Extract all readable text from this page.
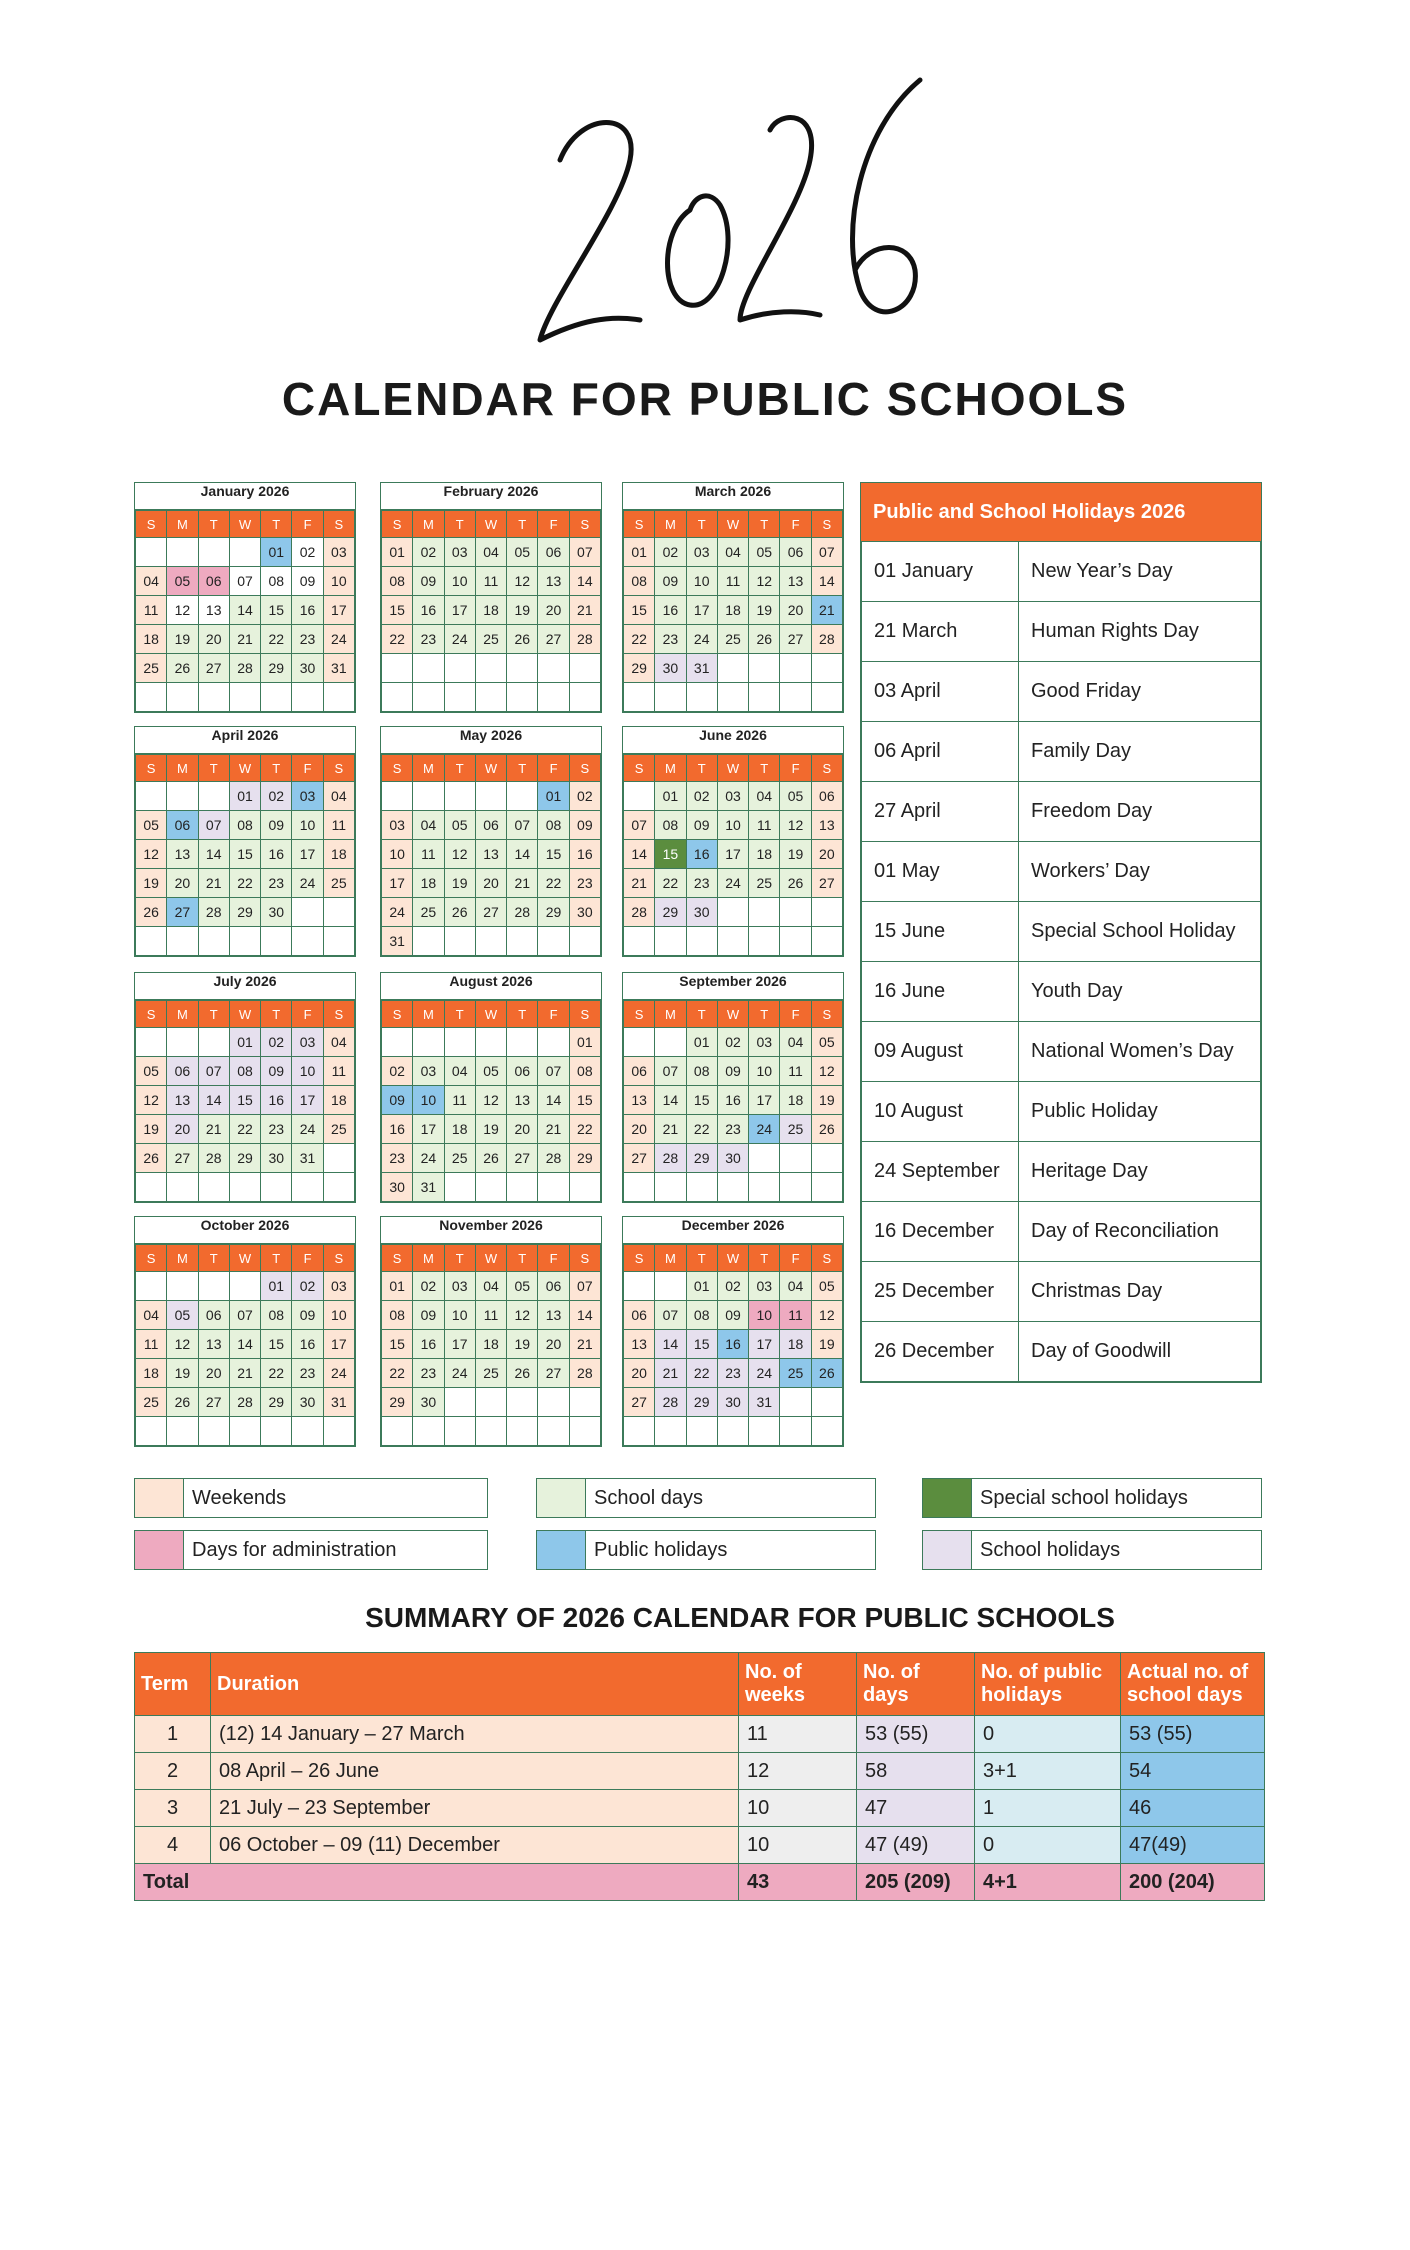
2026
CALENDAR FOR PUBLIC SCHOOLS
January 2026
S	M	T	W	T	F	S
				01	02	03
04	05	06	07	08	09	10
11	12	13	14	15	16	17
18	19	20	21	22	23	24
25	26	27	28	29	30	31

February 2026
S	M	T	W	T	F	S
01	02	03	04	05	06	07
08	09	10	11	12	13	14
15	16	17	18	19	20	21
22	23	24	25	26	27	28

March 2026
S	M	T	W	T	F	S
01	02	03	04	05	06	07
08	09	10	11	12	13	14
15	16	17	18	19	20	21
22	23	24	25	26	27	28
29	30	31				

April 2026
S	M	T	W	T	F	S
			01	02	03	04
05	06	07	08	09	10	11
12	13	14	15	16	17	18
19	20	21	22	23	24	25
26	27	28	29	30		

May 2026
S	M	T	W	T	F	S
					01	02
03	04	05	06	07	08	09
10	11	12	13	14	15	16
17	18	19	20	21	22	23
24	25	26	27	28	29	30
31						
June 2026
S	M	T	W	T	F	S
	01	02	03	04	05	06
07	08	09	10	11	12	13
14	15	16	17	18	19	20
21	22	23	24	25	26	27
28	29	30				

July 2026
S	M	T	W	T	F	S
			01	02	03	04
05	06	07	08	09	10	11
12	13	14	15	16	17	18
19	20	21	22	23	24	25
26	27	28	29	30	31	

August 2026
S	M	T	W	T	F	S
						01
02	03	04	05	06	07	08
09	10	11	12	13	14	15
16	17	18	19	20	21	22
23	24	25	26	27	28	29
30	31					
September 2026
S	M	T	W	T	F	S
		01	02	03	04	05
06	07	08	09	10	11	12
13	14	15	16	17	18	19
20	21	22	23	24	25	26
27	28	29	30			

October 2026
S	M	T	W	T	F	S
				01	02	03
04	05	06	07	08	09	10
11	12	13	14	15	16	17
18	19	20	21	22	23	24
25	26	27	28	29	30	31

November 2026
S	M	T	W	T	F	S
01	02	03	04	05	06	07
08	09	10	11	12	13	14
15	16	17	18	19	20	21
22	23	24	25	26	27	28
29	30					

December 2026
S	M	T	W	T	F	S
		01	02	03	04	05
06	07	08	09	10	11	12
13	14	15	16	17	18	19
20	21	22	23	24	25	26
27	28	29	30	31		

Public and School Holidays 2026
01 January	New Year’s Day
21 March	Human Rights Day
03 April	Good Friday
06 April	Family Day
27 April	Freedom Day
01 May	Workers’ Day
15 June	Special School Holiday
16 June	Youth Day
09 August	National Women’s Day
10 August	Public Holiday
24 September	Heritage Day
16 December	Day of Reconciliation
25 December	Christmas Day
26 December	Day of Goodwill
Weekends	School days	Special school holidays
Days for administration	Public holidays	School holidays
SUMMARY OF 2026 CALENDAR FOR PUBLIC SCHOOLS
Term	Duration	No. of weeks	No. of days	No. of public holidays	Actual no. of school days
1	(12) 14 January – 27 March	11	53 (55)	0	53 (55)
2	08 April – 26 June	12	58	3+1	54
3	21 July – 23 September	10	47	1	46
4	06 October – 09 (11) December	10	47 (49)	0	47(49)
Total		43	205 (209)	4+1	200 (204)
